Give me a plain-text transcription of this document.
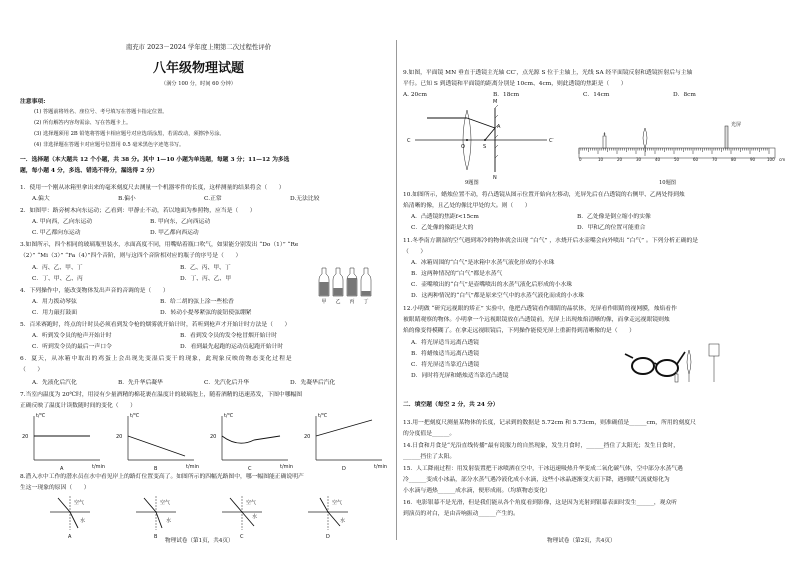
南充市 2023－2024 学年度上期第二次过程性评价
八年级物理试题
（满分 100 分，时间 60 分钟）
注意事项:
(1) 答题前将姓名、座位号、考号填写在答题卡指定位置。
(2) 所有解答内容均需涂、写在答题卡上。
(3) 选择题须用 2B 铅笔将答题卡相应题号对应选项涂黑，若需改动，须擦净另涂。
(4) 非选择题在答题卡对应题号位置用 0.5 毫米黑色字迹笔书写。
一．选择题（本大题共 12 个小题，共 38 分。其中 1—10 小题为单选题，每题 3 分；11—12 为多选
题，每小题 4 分，多选、错选不得分，漏选得 2 分）
1．使用一个刚从冰箱里拿出来的毫米刻度尺去测量一个机器零件的长度，这样测量的结果将会（　　）
A.偏大	B.偏小	C.正常	D.无法比较
2．如图甲：路旁树木向东运动；乙看到：甲静止不动，若以地面为参照物，应当是（　　）
A. 甲向西，乙向东运动	B. 甲向东，乙向西运动
C. 甲乙都向东运动	D. 甲乙都向西运动
3.如图所示，四个相同的玻璃瓶里装水，水面高度不同，用嘴贴着瓶口吹气，如果能分别发出 “Do（1）” “Re
（2）” “Mi（3）” “Fa（4）”四个音阶，则与这四个音阶相对应的瓶子的序号是（　　）
A．丙、乙、甲、丁	B．乙、丙、甲、丁
C．丁、甲、乙、丙	D．丁、丙、乙、甲
甲 乙 丙 丁
4．下列操作中，能改变物体发出声音的音调的是（　　）
A．用力拨动琴弦	B．给二胡的弦上涂一些松香
C．用力敲打鼓面	D．转动小提琴紧弦的旋钮使弦绷紧
5．百米赛跑时，终点的计时员必须看到发令枪的烟雾就开始计时，若听到枪声才开始计时方法是（　　）
A．听到发令员的枪声开始计时	B．看到发令员的发令枪冒烟开始计时
C．听到发令员的最后一声口令	D．看到最先起跑的运动员起跑开始计时
6．夏天，从冰箱中取出的鸡蛋上会出现先变湿后变干的现象，此现象反映的物态变化过程是
（　　）
A．先液化后汽化	B．先升华后凝华	C．先汽化后升华	D．先凝华后汽化
7.当室内温度为 20℃时，用浸有少量酒精的棉花裹在温度计的玻璃泡上，随着酒精的迅速蒸发，下图中哪幅图
正确反映了温度计读数随时间的变化（　　）
t/℃
t/min
20
A
t/℃
t/min
20
B
t/℃
t/min
20
C
t/℃
t/min
20
D
8.潜入水中工作的潜水员在水中看见岸上的路灯位置变高了。如图所示的四幅光路图中，哪一幅图能正确说明产
生这一现象的原因（　　）
空气
水
A
空气
水
B
空气
水
C
空气
水
D
物理试卷（第1页，共4页）
9.如图，平面镜 MN 垂直于透镜主光轴 CC′，点光源 S 位于主轴上，光线 SA 经平面镜反射和透镜折射后与主轴
平行。已知 S 到透镜和平面镜的距离分别是 10cm、4cm，则此透镜的焦距是（　　）
A. 20cm	B．18cm	C．14cm	D．8cm
M
N
O	S
A
C	C′
9题图
光屏
0	10	20	30	40	50	60	70	80	90	100 cm
10题图
10.如图所示，蜡烛位置不动，将凸透镜从图示位置开始向左移动，光屏先后在凸透镜的右侧甲、乙两处得到烛
焰清晰的像，且乙处的像比甲处的大。则（　　）
A．凸透镜的焦距f<15cm	B．乙处像是倒立缩小的实像
C．乙处像的像距是大的	D．甲和乙的位置可能重合
11.冬季南方潮湿的空气遇到寒冷的物体就会出现 “白气” ，水烧开后水壶嘴会向外喷出 “白气” 。下列分析正确的是
（　　）
A．冰箱周围的“白气”是冰箱中水蒸气液化形成的小水珠
B．这两种情况的“白气”都是水蒸气
C．壶嘴喷出的“白气”是壶嘴喷出的水蒸气液化后形成的小水珠
D．这两种情况的“白气”都是原来空气中的水蒸气液化而成的小水珠
12.小明做 “研究远视眼的矫正” 实验中，他把凸透镜看作眼睛的晶状体，光屏看作眼睛的视网膜，烛焰看作
被眼睛观察的物体。小明拿一个远视眼镜放在凸透镜前，光屏上出现烛焰清晰的像，而拿走远视眼镜则烛
焰的像变得模糊了。在拿走远视眼镜后，下列操作能使光屏上重新得到清晰像的是（　　）
A．将光屏适当远离凸透镜
B．将蜡烛适当远离凸透镜
C．将光屏适当靠近凸透镜
D．同时将光屏和蜡烛适当靠近凸透镜
二．填空题（每空 2 分，共 24 分）
13.用一把刻度尺测量某物体的长度，记录到的数据是 5.72cm 和 5.73cm，则准确值是______cm，所用的刻度尺
的分度值是______。
14.日食和月食是“光沿直线传播”最有说服力的自然现象，发生月食时，______挡住了太阳光；发生日食时，
______挡住了太阳。
15．人工降雨过程：用发射装置把干冰喷洒在空中，干冰迅速吸热升华变成二氧化碳气体，空中部分水蒸气遇
冷______变成小冰晶，部分水蒸气遇冷液化成小水滴，这些小冰晶逐渐变大而下降，遇到暖气流就熔化为
小水滴与遇热______成水滴，便形成雨。（均填物态变化）
16．电影银幕不是光滑，但是我们能从各个角度看到影像，这是因为光射到银幕表面时发生______，观众听
到演员的对白，是由音响振动______产生的。
物理试卷（第2页，共4页）
